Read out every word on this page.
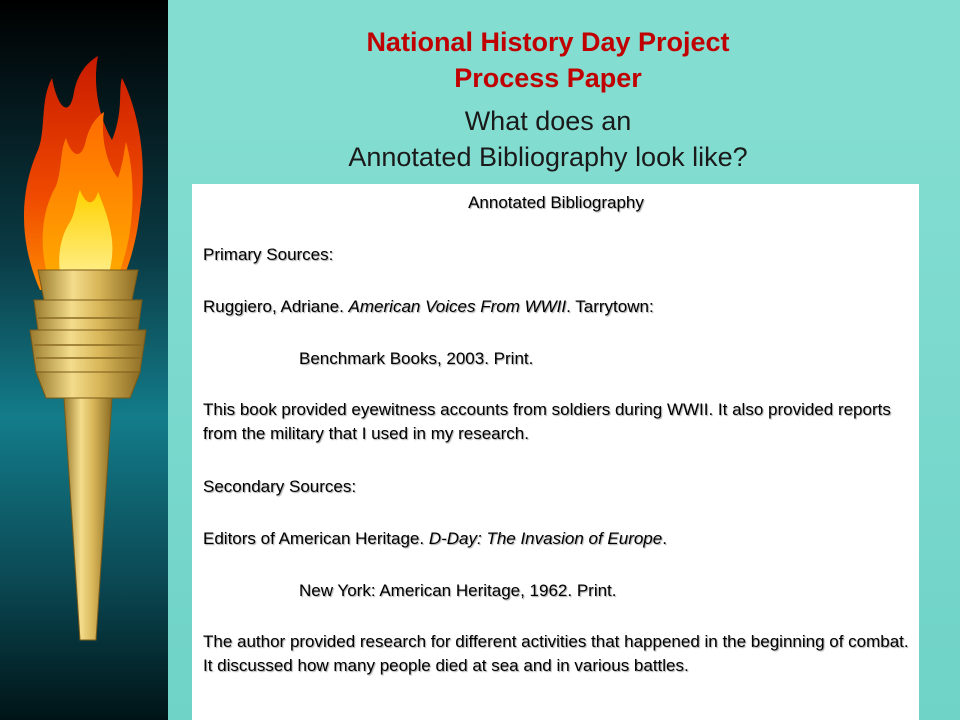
National History Day Project
Process Paper
What does an
Annotated Bibliography look like?

Annotated Bibliography

Primary Sources:

Ruggiero, Adriane. American Voices From WWII. Tarrytown:

Benchmark Books, 2003. Print.

This book provided eyewitness accounts from soldiers during WWII. It also provided reports from the military that I used in my research.

Secondary Sources:

Editors of American Heritage. D-Day: The Invasion of Europe.

New York: American Heritage, 1962. Print.

The author provided research for different activities that happened in the beginning of combat. It discussed how many people died at sea and in various battles.
